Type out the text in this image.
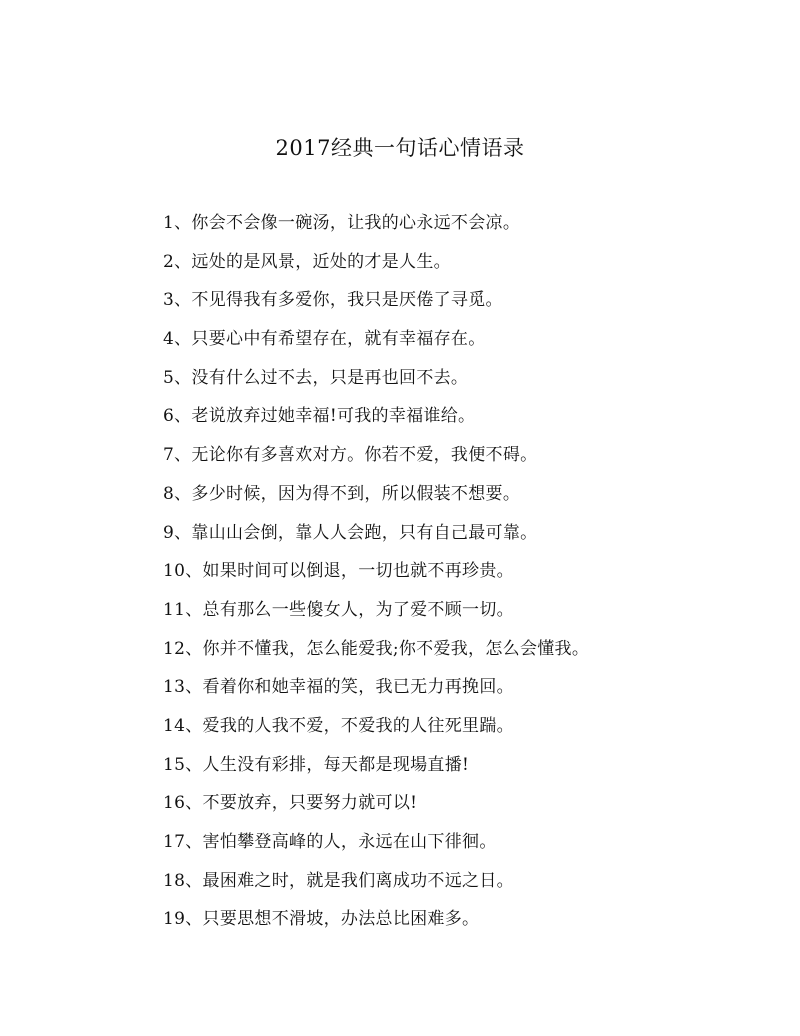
2017经典一句话心情语录
1、你会不会像一碗汤，让我的心永远不会凉。
2、远处的是风景，近处的才是人生。
3、不见得我有多爱你，我只是厌倦了寻觅。
4、只要心中有希望存在，就有幸福存在。
5、没有什么过不去，只是再也回不去。
6、老说放弃过她幸福!可我的幸福谁给。
7、无论你有多喜欢对方。你若不爱，我便不碍。
8、多少时候，因为得不到，所以假装不想要。
9、靠山山会倒，靠人人会跑，只有自己最可靠。
10、如果时间可以倒退，一切也就不再珍贵。
11、总有那么一些傻女人，为了爱不顾一切。
12、你并不懂我，怎么能爱我;你不爱我，怎么会懂我。
13、看着你和她幸福的笑，我已无力再挽回。
14、爱我的人我不爱，不爱我的人往死里踹。
15、人生没有彩排，每天都是现場直播!
16、不要放弃，只要努力就可以!
17、害怕攀登高峰的人，永远在山下徘徊。
18、最困难之时，就是我们离成功不远之日。
19、只要思想不滑坡，办法总比困难多。
